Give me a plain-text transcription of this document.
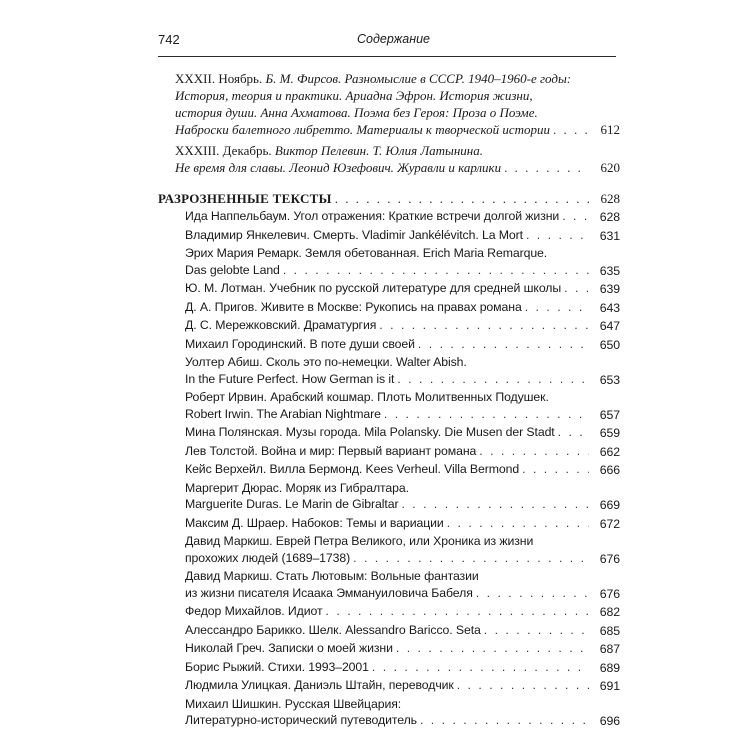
742	Содержание
XXXII. Ноябрь. Б. М. Фирсов. Разномыслие в СССР. 1940–1960-е годы:
История, теория и практики. Ариадна Эфрон. История жизни,
история души. Анна Ахматова. Поэма без Героя: Проза о Поэме.
Наброски балетного либретто. Материалы к творческой истории . . .	612
XXXIII. Декабрь. Виктор Пелевин. Т. Юлия Латынина.
Не время для славы. Леонид Юзефович. Журавли и карлики . . .	620
РАЗРОЗНЕННЫЕ ТЕКСТЫ . . .	628
Ида Наппельбаум. Угол отражения: Краткие встречи долгой жизни . . .	628
Владимир Янкелевич. Смерть. Vladimir Jankélévitch. La Mort . . .	631
Эрих Мария Ремарк. Земля обетованная. Erich Maria Remarque.

Das gelobte Land . . .	635
Ю. М. Лотман. Учебник по русской литературе для средней школы . . .	639
Д. А. Пригов. Живите в Москве: Рукопись на правах романа . . .	643
Д. С. Мережковский. Драматургия . . .	647
Михаил Городинский. В поте души своей . . .	650
Уолтер Абиш. Сколь это по-немецки. Walter Abish.

In the Future Perfect. How German is it . . .	653
Роберт Ирвин. Арабский кошмар. Плоть Молитвенных Подушек.

Robert Irwin. The Arabian Nightmare . . .	657
Мина Полянская. Музы города. Mila Polansky. Die Musen der Stadt . . .	659
Лев Толстой. Война и мир: Первый вариант романа . . .	662
Кейс Верхейл. Вилла Бермонд. Kees Verheul. Villa Bermond . . .	666
Маргерит Дюрас. Моряк из Гибралтара.

Marguerite Duras. Le Marin de Gibraltar . . .	669
Максим Д. Шраер. Набоков: Темы и вариации . . .	672
Давид Маркиш. Еврей Петра Великого, или Хроника из жизни

прохожих людей (1689–1738) . . .	676
Давид Маркиш. Стать Лютовым: Вольные фантазии

из жизни писателя Исаака Эммануиловича Бабеля . . .	676
Федор Михайлов. Идиот . . .	682
Алессандро Барикко. Шелк. Alessandro Baricco. Seta . . .	685
Николай Греч. Записки о моей жизни . . .	687
Борис Рыжий. Стихи. 1993–2001 . . .	689
Людмила Улицкая. Даниэль Штайн, переводчик . . .	691
Михаил Шишкин. Русская Швейцария:

Литературно-исторический путеводитель . . .	696
